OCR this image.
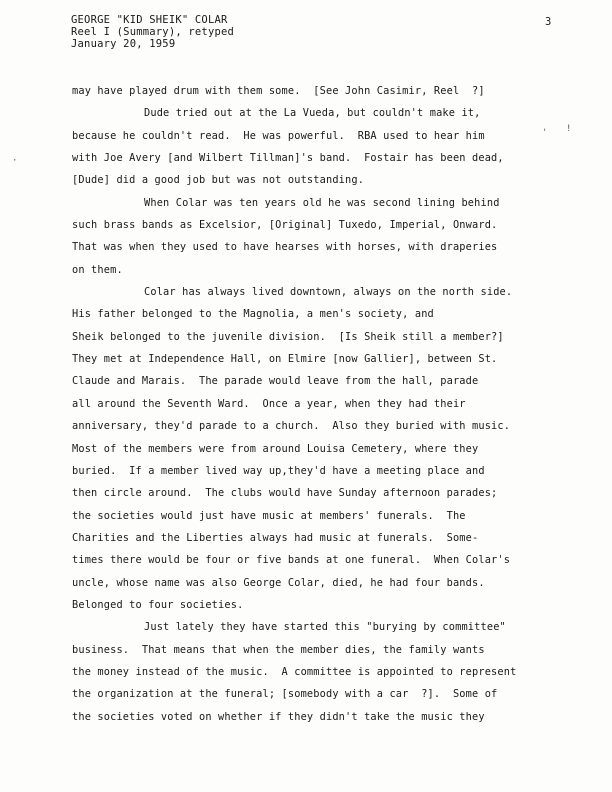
GEORGE "KID SHEIK" COLAR
Reel I (Summary), retyped
January 20, 1959
3
may have played drum with them some.  [See John Casimir, Reel  ?]
Dude tried out at the La Vueda, but couldn't make it,
because he couldn't read.  He was powerful.  RBA used to hear him
with Joe Avery [and Wilbert Tillman]'s band.  Fostair has been dead,
[Dude] did a good job but was not outstanding.
When Colar was ten years old he was second lining behind
such brass bands as Excelsior, [Original] Tuxedo, Imperial, Onward.
That was when they used to have hearses with horses, with draperies
on them.
Colar has always lived downtown, always on the north side.
His father belonged to the Magnolia, a men's society, and
Sheik belonged to the juvenile division.  [Is Sheik still a member?]
They met at Independence Hall, on Elmire [now Gallier], between St.
Claude and Marais.  The parade would leave from the hall, parade
all around the Seventh Ward.  Once a year, when they had their
anniversary, they'd parade to a church.  Also they buried with music.
Most of the members were from around Louisa Cemetery, where they
buried.  If a member lived way up,they'd have a meeting place and
then circle around.  The clubs would have Sunday afternoon parades;
the societies would just have music at members' funerals.  The
Charities and the Liberties always had music at funerals.  Some-
times there would be four or five bands at one funeral.  When Colar's
uncle, whose name was also George Colar, died, he had four bands.
Belonged to four societies.
Just lately they have started this "burying by committee"
business.  That means that when the member dies, the family wants
the money instead of the music.  A committee is appointed to represent
the organization at the funeral; [somebody with a car  ?].  Some of
the societies voted on whether if they didn't take the music they
' !
·
